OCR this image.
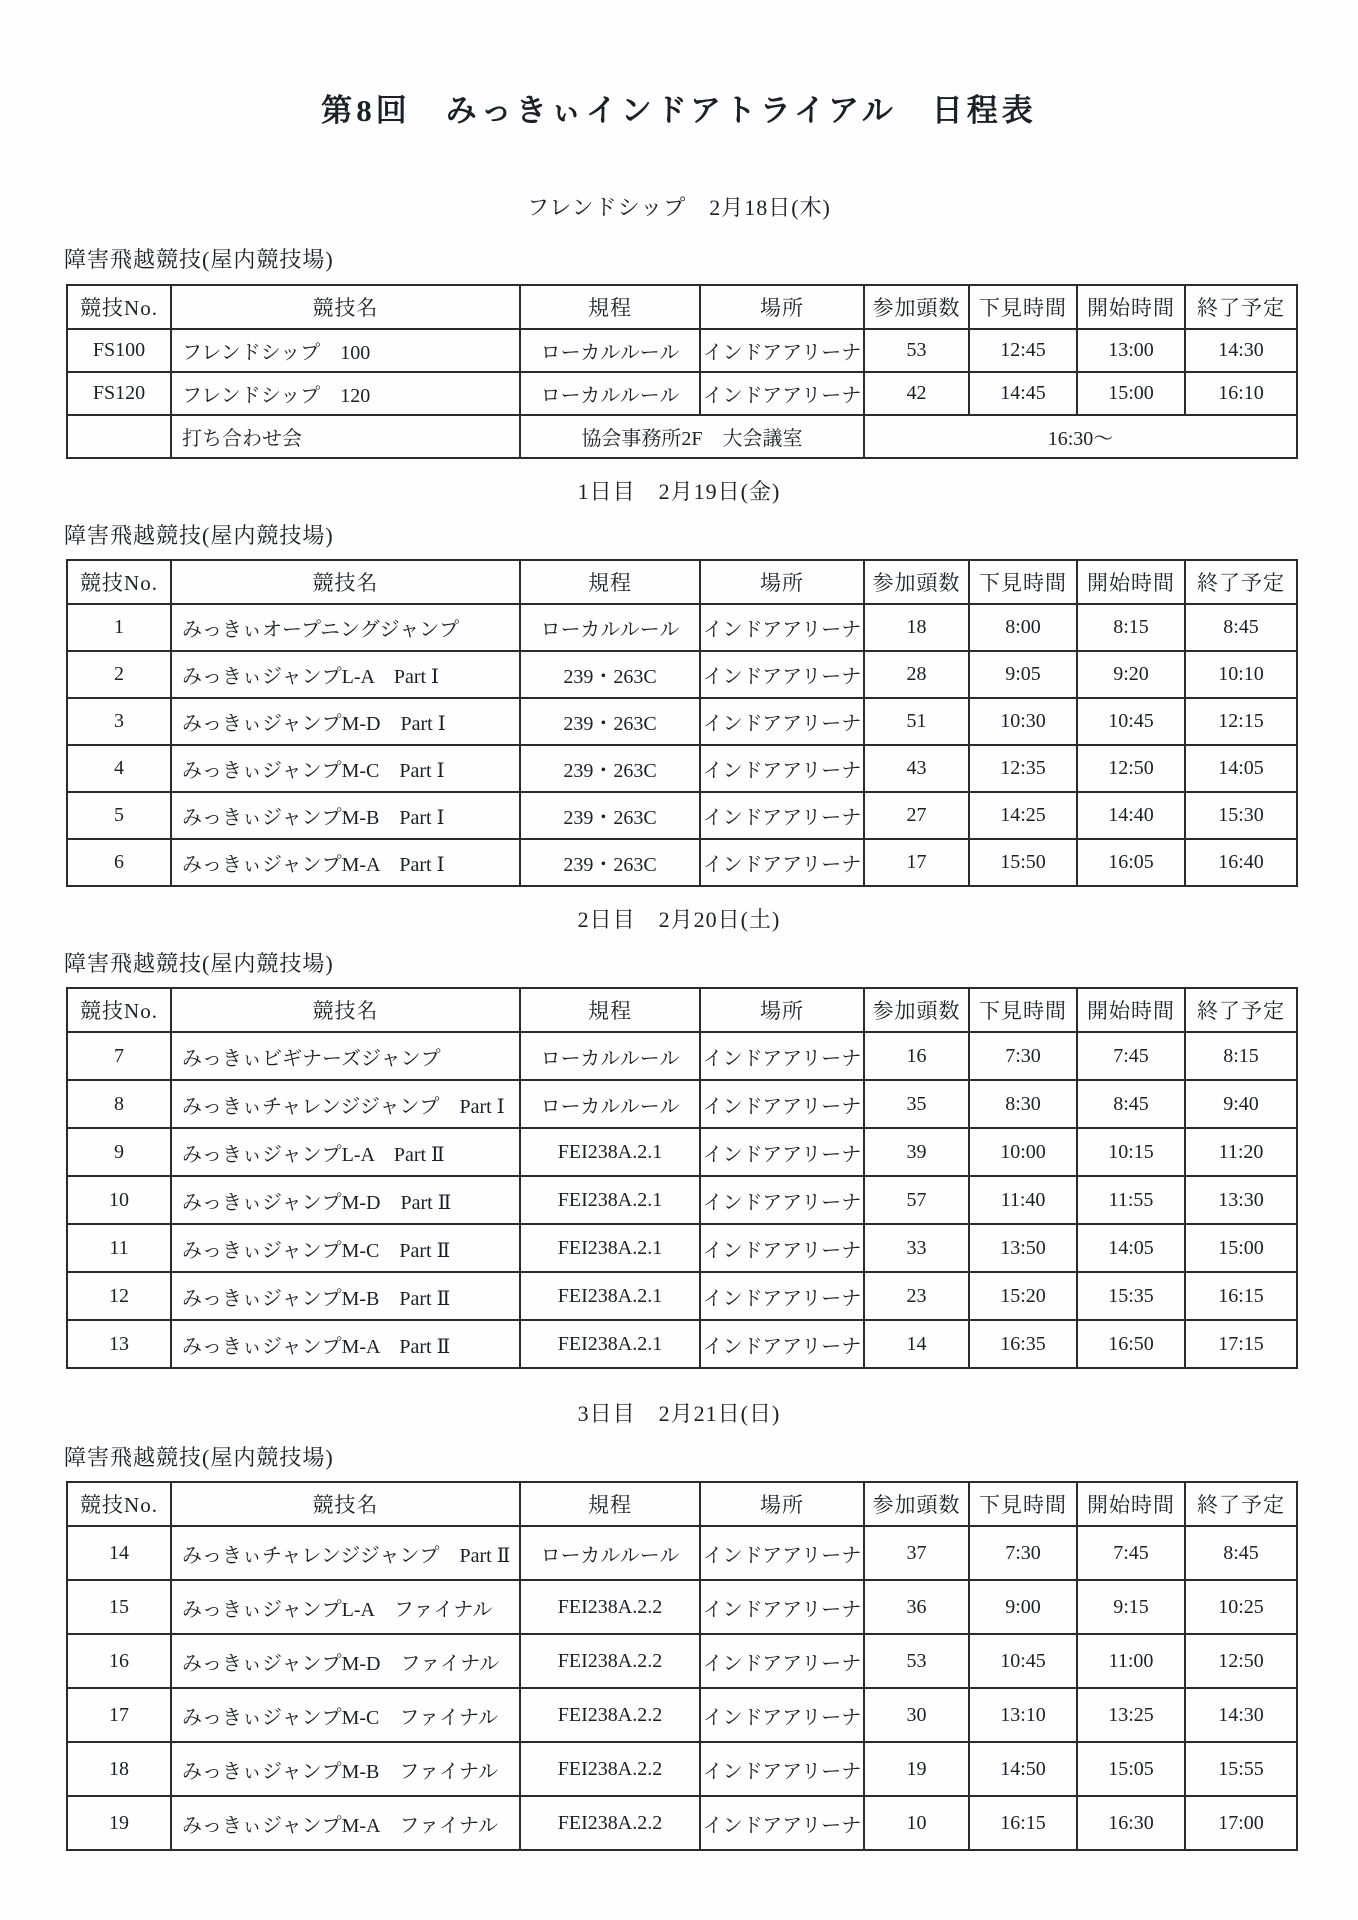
第8回　みっきぃインドアトライアル　日程表
フレンドシップ　2月18日(木)
障害飛越競技(屋内競技場)
競技No.	競技名	規程	場所	参加頭数	下見時間	開始時間	終了予定
FS100	フレンドシップ　100	ローカルルール	インドアアリーナ	53	12:45	13:00	14:30
FS120	フレンドシップ　120	ローカルルール	インドアアリーナ	42	14:45	15:00	16:10
	打ち合わせ会	協会事務所2F　大会議室		16:30〜			
1日目　2月19日(金)
障害飛越競技(屋内競技場)
競技No.	競技名	規程	場所	参加頭数	下見時間	開始時間	終了予定
1	みっきぃオープニングジャンプ	ローカルルール	インドアアリーナ	18	8:00	8:15	8:45
2	みっきぃジャンプL-A　Part Ⅰ	239・263C	インドアアリーナ	28	9:05	9:20	10:10
3	みっきぃジャンプM-D　Part Ⅰ	239・263C	インドアアリーナ	51	10:30	10:45	12:15
4	みっきぃジャンプM-C　Part Ⅰ	239・263C	インドアアリーナ	43	12:35	12:50	14:05
5	みっきぃジャンプM-B　Part Ⅰ	239・263C	インドアアリーナ	27	14:25	14:40	15:30
6	みっきぃジャンプM-A　Part Ⅰ	239・263C	インドアアリーナ	17	15:50	16:05	16:40
2日目　2月20日(土)
障害飛越競技(屋内競技場)
競技No.	競技名	規程	場所	参加頭数	下見時間	開始時間	終了予定
7	みっきぃビギナーズジャンプ	ローカルルール	インドアアリーナ	16	7:30	7:45	8:15
8	みっきぃチャレンジジャンプ　Part Ⅰ	ローカルルール	インドアアリーナ	35	8:30	8:45	9:40
9	みっきぃジャンプL-A　Part Ⅱ	FEI238A.2.1	インドアアリーナ	39	10:00	10:15	11:20
10	みっきぃジャンプM-D　Part Ⅱ	FEI238A.2.1	インドアアリーナ	57	11:40	11:55	13:30
11	みっきぃジャンプM-C　Part Ⅱ	FEI238A.2.1	インドアアリーナ	33	13:50	14:05	15:00
12	みっきぃジャンプM-B　Part Ⅱ	FEI238A.2.1	インドアアリーナ	23	15:20	15:35	16:15
13	みっきぃジャンプM-A　Part Ⅱ	FEI238A.2.1	インドアアリーナ	14	16:35	16:50	17:15
3日目　2月21日(日)
障害飛越競技(屋内競技場)
競技No.	競技名	規程	場所	参加頭数	下見時間	開始時間	終了予定
14	みっきぃチャレンジジャンプ　Part Ⅱ	ローカルルール	インドアアリーナ	37	7:30	7:45	8:45
15	みっきぃジャンプL-A　ファイナル	FEI238A.2.2	インドアアリーナ	36	9:00	9:15	10:25
16	みっきぃジャンプM-D　ファイナル	FEI238A.2.2	インドアアリーナ	53	10:45	11:00	12:50
17	みっきぃジャンプM-C　ファイナル	FEI238A.2.2	インドアアリーナ	30	13:10	13:25	14:30
18	みっきぃジャンプM-B　ファイナル	FEI238A.2.2	インドアアリーナ	19	14:50	15:05	15:55
19	みっきぃジャンプM-A　ファイナル	FEI238A.2.2	インドアアリーナ	10	16:15	16:30	17:00
